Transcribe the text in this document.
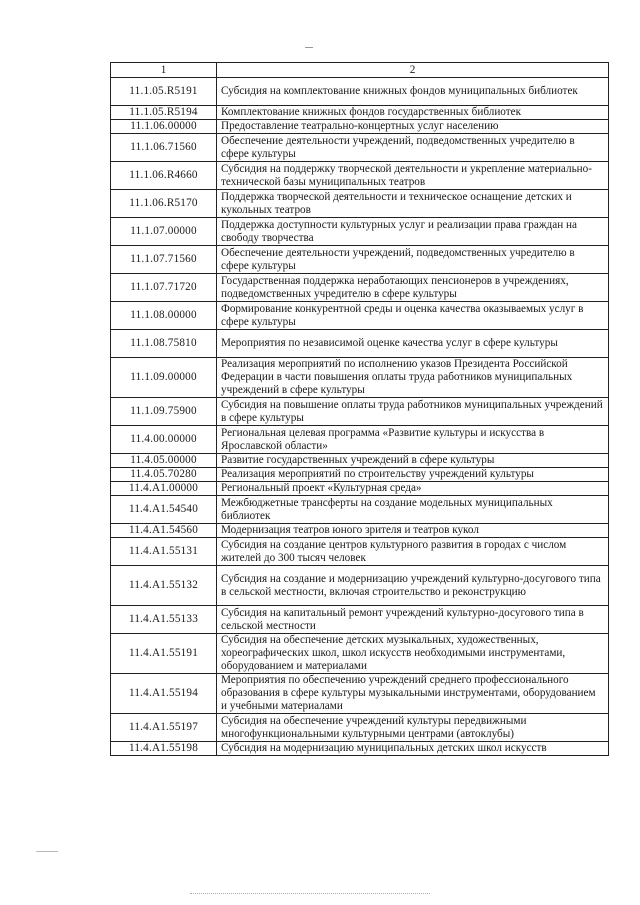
1	2
11.1.05.R5191	Субсидия на комплектование книжных фондов муниципальных библиотек
11.1.05.R5194	Комплектование книжных фондов государственных библиотек
11.1.06.00000	Предоставление театрально-концертных услуг населению
11.1.06.71560	Обеспечение деятельности учреждений, подведомственных учредителю в сфере культуры
11.1.06.R4660	Субсидия на поддержку творческой деятельности и укрепление материально-технической базы муниципальных театров
11.1.06.R5170	Поддержка творческой деятельности и техническое оснащение детских и кукольных театров
11.1.07.00000	Поддержка доступности культурных услуг и реализации права граждан на свободу творчества
11.1.07.71560	Обеспечение деятельности учреждений, подведомственных учредителю в сфере культуры
11.1.07.71720	Государственная поддержка неработающих пенсионеров в учреждениях, подведомственных учредителю в сфере культуры
11.1.08.00000	Формирование конкурентной среды и оценка качества оказываемых услуг в сфере культуры
11.1.08.75810	Мероприятия по независимой оценке качества услуг в сфере культуры
11.1.09.00000	Реализация мероприятий по исполнению указов Президента Российской Федерации в части повышения оплаты труда работников муниципальных учреждений в сфере культуры
11.1.09.75900	Субсидия на повышение оплаты труда работников муниципальных учреждений в сфере культуры
11.4.00.00000	Региональная целевая программа «Развитие культуры и искусства в Ярославской области»
11.4.05.00000	Развитие государственных учреждений в сфере культуры
11.4.05.70280	Реализация мероприятий по строительству учреждений культуры
11.4.A1.00000	Региональный проект «Культурная среда»
11.4.A1.54540	Межбюджетные трансферты на создание модельных муниципальных библиотек
11.4.A1.54560	Модернизация театров юного зрителя и театров кукол
11.4.A1.55131	Субсидия на создание центров культурного развития в городах с числом жителей до 300 тысяч человек
11.4.A1.55132	Субсидия на создание и модернизацию учреждений культурно-досугового типа в сельской местности, включая строительство и реконструкцию
11.4.A1.55133	Субсидия на капитальный ремонт учреждений культурно-досугового типа в сельской местности
11.4.A1.55191	Субсидия на обеспечение детских музыкальных, художественных, хореографических школ, школ искусств необходимыми инструментами, оборудованием и материалами
11.4.A1.55194	Мероприятия по обеспечению учреждений среднего профессионального образования в сфере культуры музыкальными инструментами, оборудованием и учебными материалами
11.4.A1.55197	Субсидия на обеспечение учреждений культуры передвижными многофункциональными культурными центрами (автоклубы)
11.4.A1.55198	Субсидия на модернизацию муниципальных детских школ искусств
